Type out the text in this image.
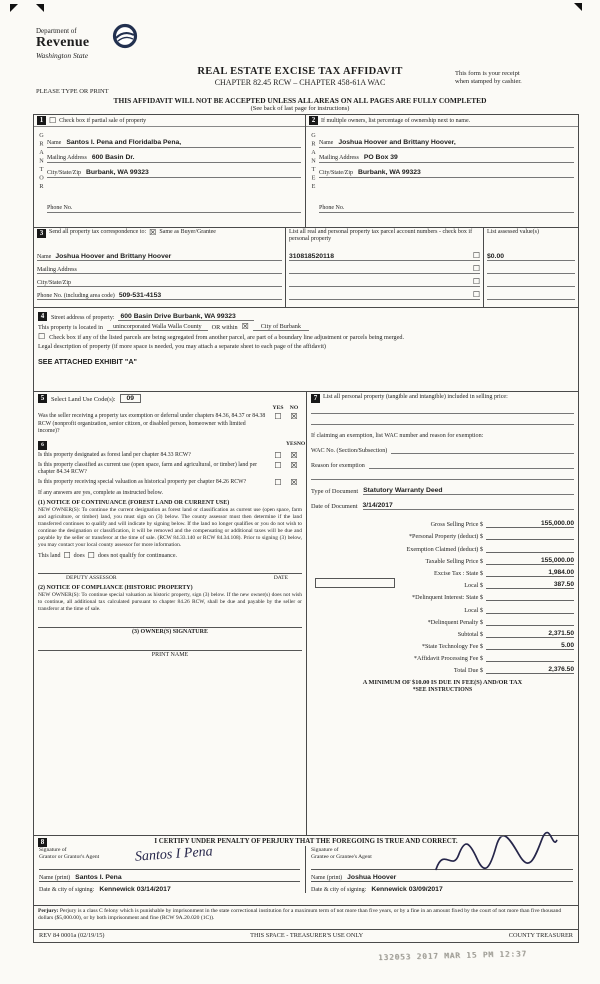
Department of
Revenue
Washington State
REAL ESTATE EXCISE TAX AFFIDAVIT
CHAPTER 82.45 RCW – CHAPTER 458-61A WAC
This form is your receipt
when stamped by cashier.
PLEASE TYPE OR PRINT
THIS AFFIDAVIT WILL NOT BE ACCEPTED UNLESS ALL AREAS ON ALL PAGES ARE FULLY COMPLETED
(See back of last page for instructions)
1 ☐ Check box if partial sale of property
GRANTOR Name Santos I. Pena and Floridalba Pena,
Mailing Address 600 Basin Dr.
City/State/Zip Burbank, WA 99323
Phone No.
2 If multiple owners, list percentage of ownership next to name.
GRANTEE Name Joshua Hoover and Brittany Hoover,
Mailing Address PO Box 39
City/State/Zip Burbank, WA 99323
Phone No.
3 Send all property tax correspondence to: ☒ Same as Buyer/Grantee
Name Joshua Hoover and Brittany Hoover
Mailing Address
City/State/Zip
Phone No. (including area code) 509-531-4153
List all real and personal property tax parcel account numbers - check box if personal property
310818520118	☐
☐
☐
☐
List assessed value(s)
$0.00
4	Street address of property: 600 Basin Drive Burbank, WA 99323
This property is located in	unincorporated Walla Walla County	OR within ☒	City of Burbank
☐ Check box if any of the listed parcels are being segregated from another parcel, are part of a boundary line adjustment or parcels being merged.
Legal description of property (if more space is needed, you may attach a separate sheet to each page of the affidavit)
SEE ATTACHED EXHIBIT "A"
5	Select Land Use Code(s):	09
YES	NO
Was the seller receiving a property tax exemption or deferral under chapters 84.36, 84.37 or 84.38 RCW (nonprofit organization, senior citizen, or disabled person, homeowner with limited income)?
☐	☒
6	YES NO
Is this property designated as forest land per chapter 84.33 RCW?	☐	☒
Is this property classified as current use (open space, farm and agricultural, or timber) land per chapter 84.34 RCW?
☐	☒
Is this property receiving special valuation as historical property per chapter 84.26 RCW?	☐	☒
If any answers are yes, complete as instructed below.
(1) NOTICE OF CONTINUANCE (FOREST LAND OR CURRENT USE)
NEW OWNER(S): To continue the current designation as forest land or classification as current use (open space, farm and agriculture, or timber) land, you must sign on (3) below. The county assessor must then determine if the land transferred continues to qualify and will indicate by signing below. If the land no longer qualifies or you do not wish to continue the designation or classification, it will be removed and the compensating or additional taxes will be due and payable by the seller or transferor at the time of sale. (RCW 84.33.140 or RCW 84.34.108). Prior to signing (3) below, you may contact your local county assessor for more information.
This land ☐ does ☐ does not qualify for continuance.
DEPUTY ASSESSOR	DATE
(2) NOTICE OF COMPLIANCE (HISTORIC PROPERTY)
NEW OWNER(S): To continue special valuation as historic property, sign (3) below. If the new owner(s) does not wish to continue, all additional tax calculated pursuant to chapter 84.26 RCW, shall be due and payable by the seller or transferor at the time of sale.
(3) OWNER(S) SIGNATURE
PRINT NAME
7 List all personal property (tangible and intangible) included in selling price:
If claiming an exemption, list WAC number and reason for exemption:
WAC No. (Section/Subsection)
Reason for exemption
Type of Document Statutory Warranty Deed
Date of Document 3/14/2017
Gross Selling Price $	155,000.00
*Personal Property (deduct) $
Exemption Claimed (deduct) $
Taxable Selling Price $	155,000.00
Excise Tax : State $	1,984.00
Local $	387.50
*Delinquent Interest: State $
Local $
*Delinquent Penalty $
Subtotal $	2,371.50
*State Technology Fee $	5.00
*Affidavit Processing Fee $
Total Due $	2,376.50
A MINIMUM OF $10.00 IS DUE IN FEE(S) AND/OR TAX
*SEE INSTRUCTIONS
8	I CERTIFY UNDER PENALTY OF PERJURY THAT THE FOREGOING IS TRUE AND CORRECT.
Signature of
Grantor or Grantor's Agent	Santos I Pena
Name (print) Santos I. Pena
Date & city of signing: Kennewick 03/14/2017
Signature of
Grantee or Grantee's Agent
Name (print) Joshua Hoover
Date & city of signing: Kennewick 03/09/2017
Perjury: Perjury is a class C felony which is punishable by imprisonment in the state correctional institution for a maximum term of not more than five years, or by a fine in an amount fixed by the court of not more than five thousand dollars ($5,000.00), or by both imprisonment and fine (RCW 9A.20.020 (1C)).
REV 84 0001a (02/19/15)	THIS SPACE - TREASURER'S USE ONLY	COUNTY TREASURER
132053 2017 MAR 15 PM 12:37
